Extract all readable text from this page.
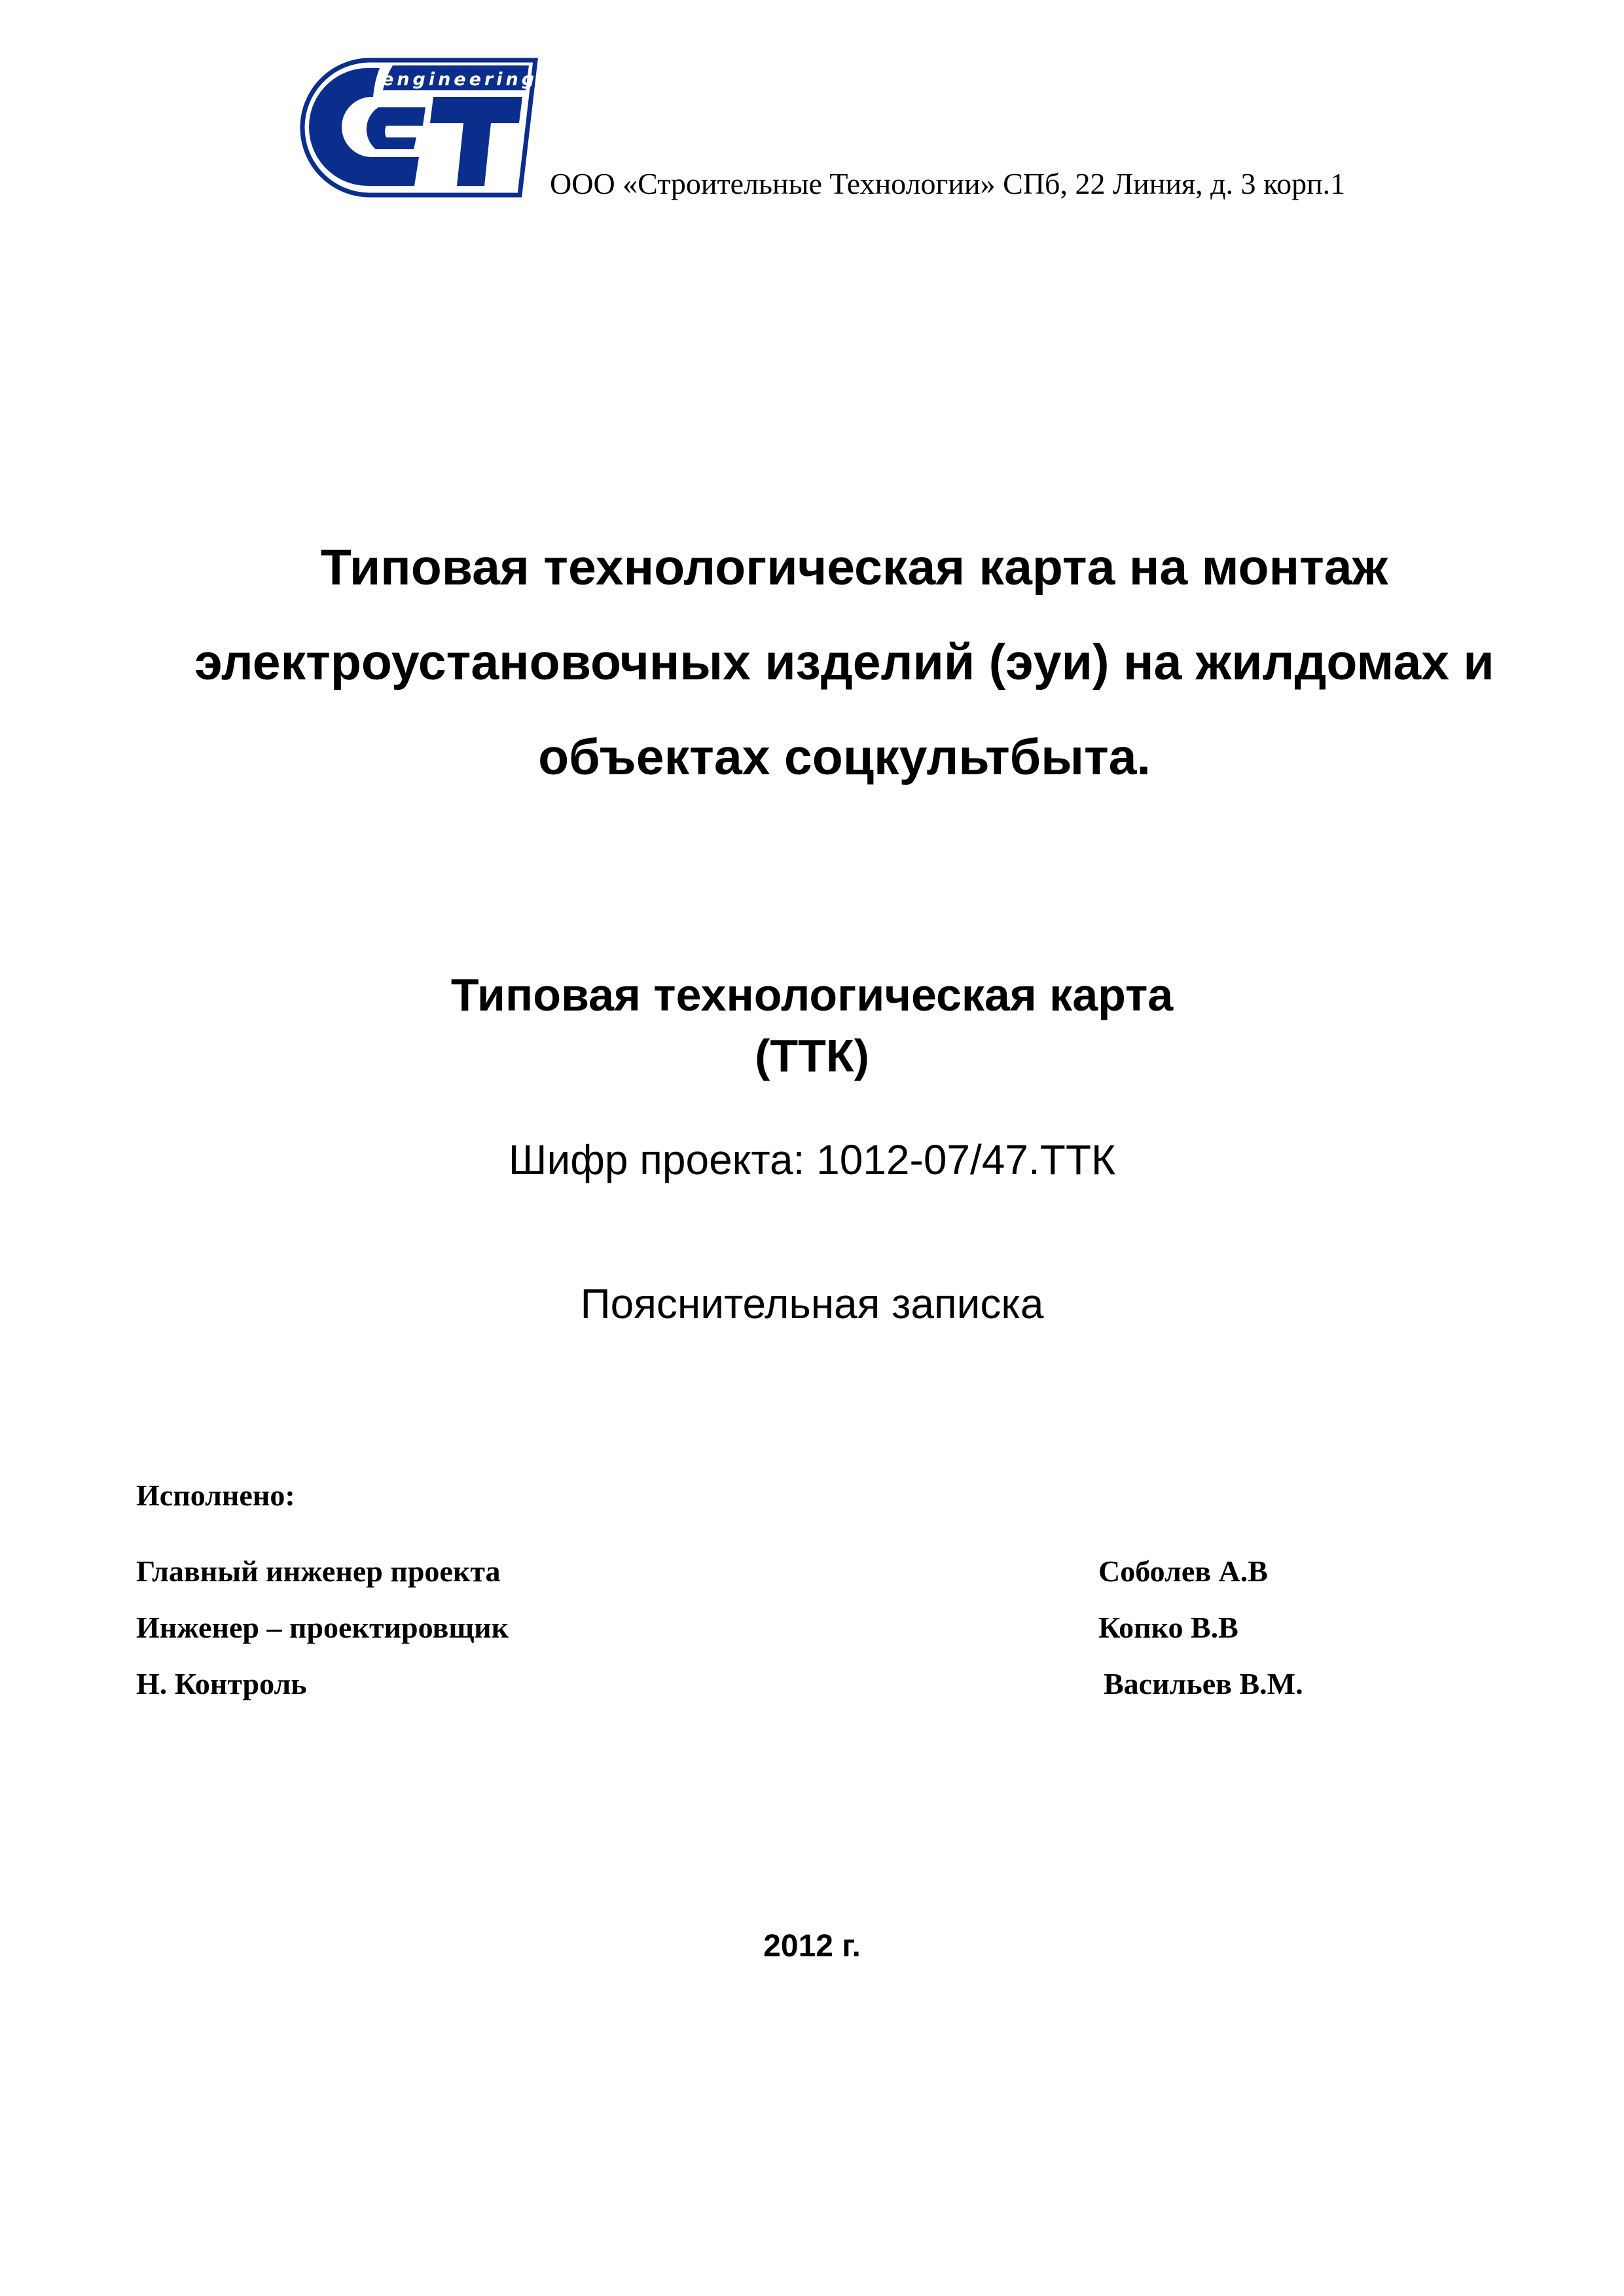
engineering
ООО «Строительные Технологии» СПб, 22 Линия, д. 3 корп.1
Типовая технологическая карта на монтаж
электроустановочных изделий (эуи) на жилдомах и
объектах соцкультбыта.
Типовая технологическая карта
(ТТК)
Шифр проекта: 1012-07/47.ТТК
Пояснительная записка
Исполнено:
Главный инженер проекта	Соболев А.В
Инженер – проектировщик	Копко В.В
Н. Контроль	Васильев В.М.
2012 г.
